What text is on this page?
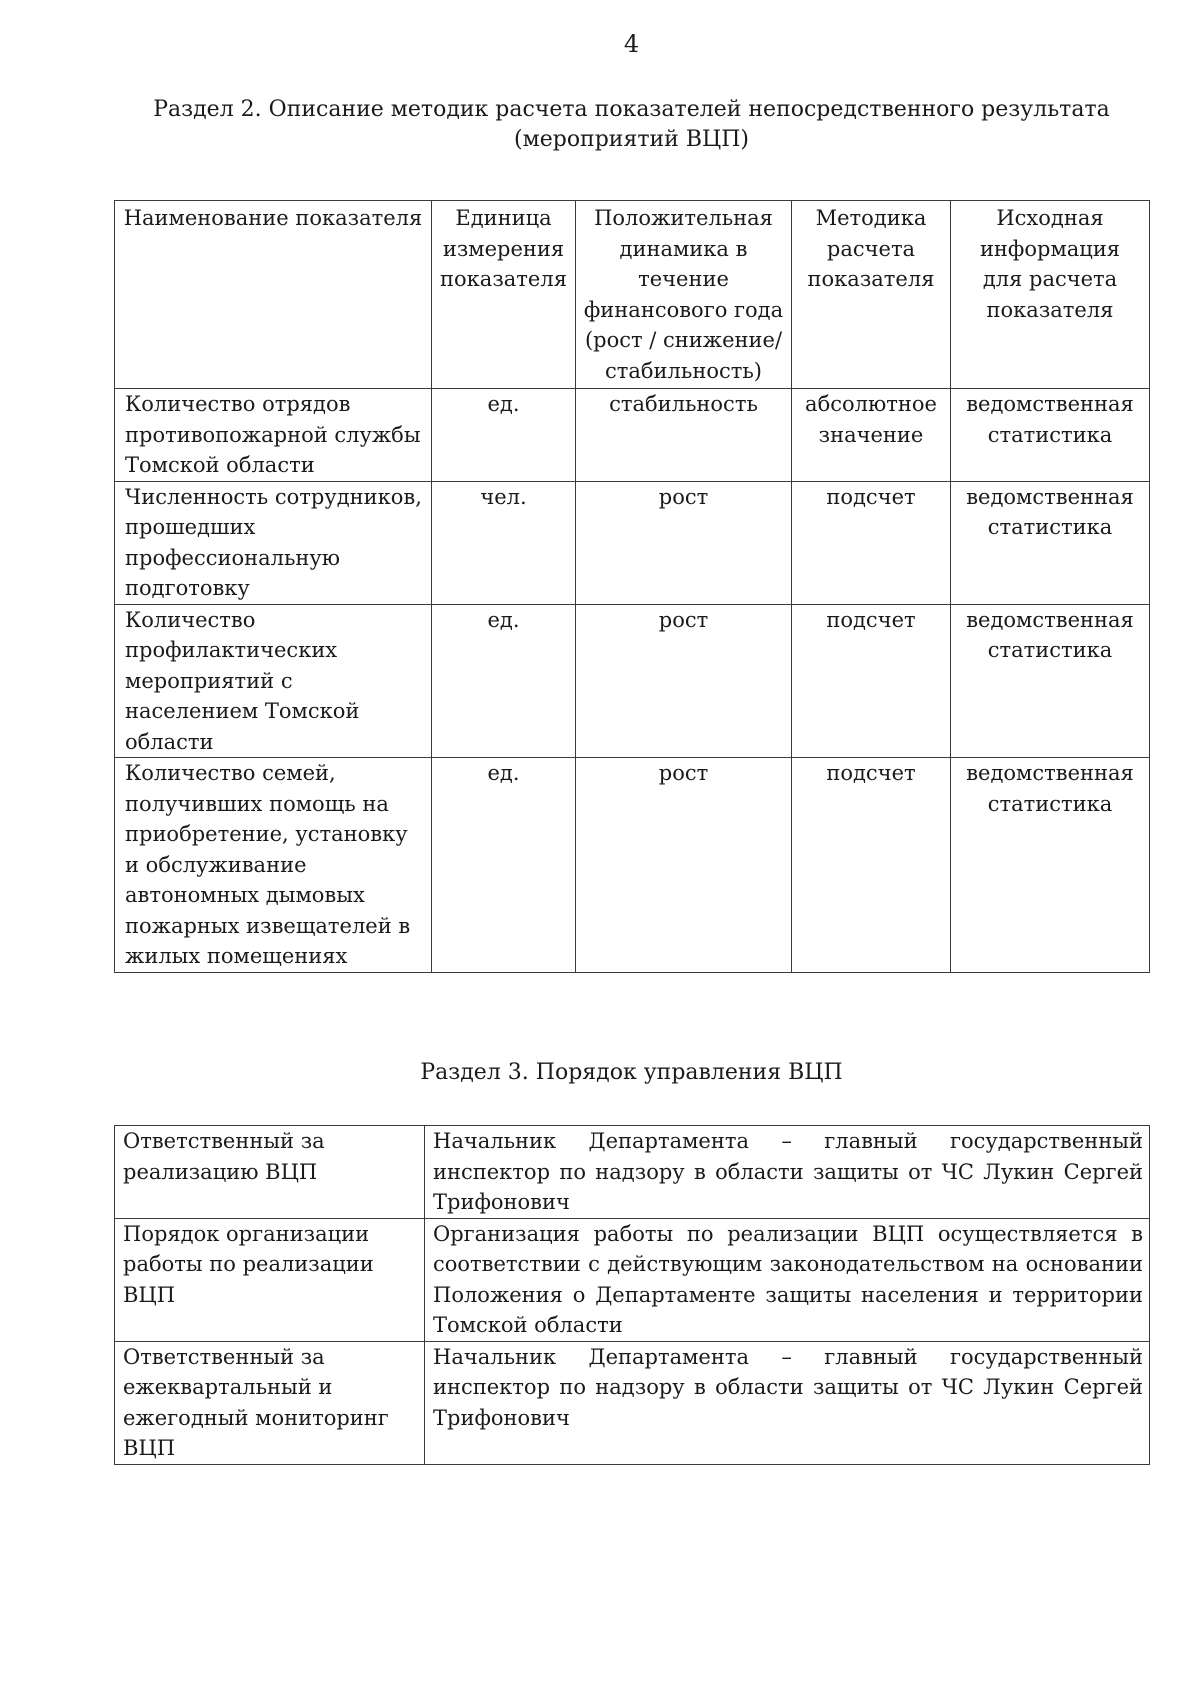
4
Раздел 2. Описание методик расчета показателей непосредственного результата
(мероприятий ВЦП)
Наименование показателя	Единица измерения показателя	Положительная динамика в течение финансового года (рост / снижение/ стабильность)	Методика расчета показателя	Исходная информация для расчета показателя
Количество отрядов противопожарной службы Томской области	ед.	стабильность	абсолютное значение	ведомственная статистика
Численность сотрудников, прошедших профессиональную подготовку	чел.	рост	подсчет	ведомственная статистика
Количество профилактических мероприятий с населением Томской области	ед.	рост	подсчет	ведомственная статистика
Количество семей, получивших помощь на приобретение, установку и обслуживание автономных дымовых пожарных извещателей в жилых помещениях	ед.	рост	подсчет	ведомственная статистика
Раздел 3. Порядок управления ВЦП
Ответственный за реализацию ВЦП	Начальник Департамента – главный государственный инспектор по надзору в области защиты от ЧС Лукин Сергей Трифонович
Порядок организации работы по реализации ВЦП	Организация работы по реализации ВЦП осуществляется в соответствии с действующим законодательством на основании Положения о Департаменте защиты населения и территории Томской области
Ответственный за ежеквартальный и ежегодный мониторинг ВЦП	Начальник Департамента – главный государственный инспектор по надзору в области защиты от ЧС Лукин Сергей Трифонович
